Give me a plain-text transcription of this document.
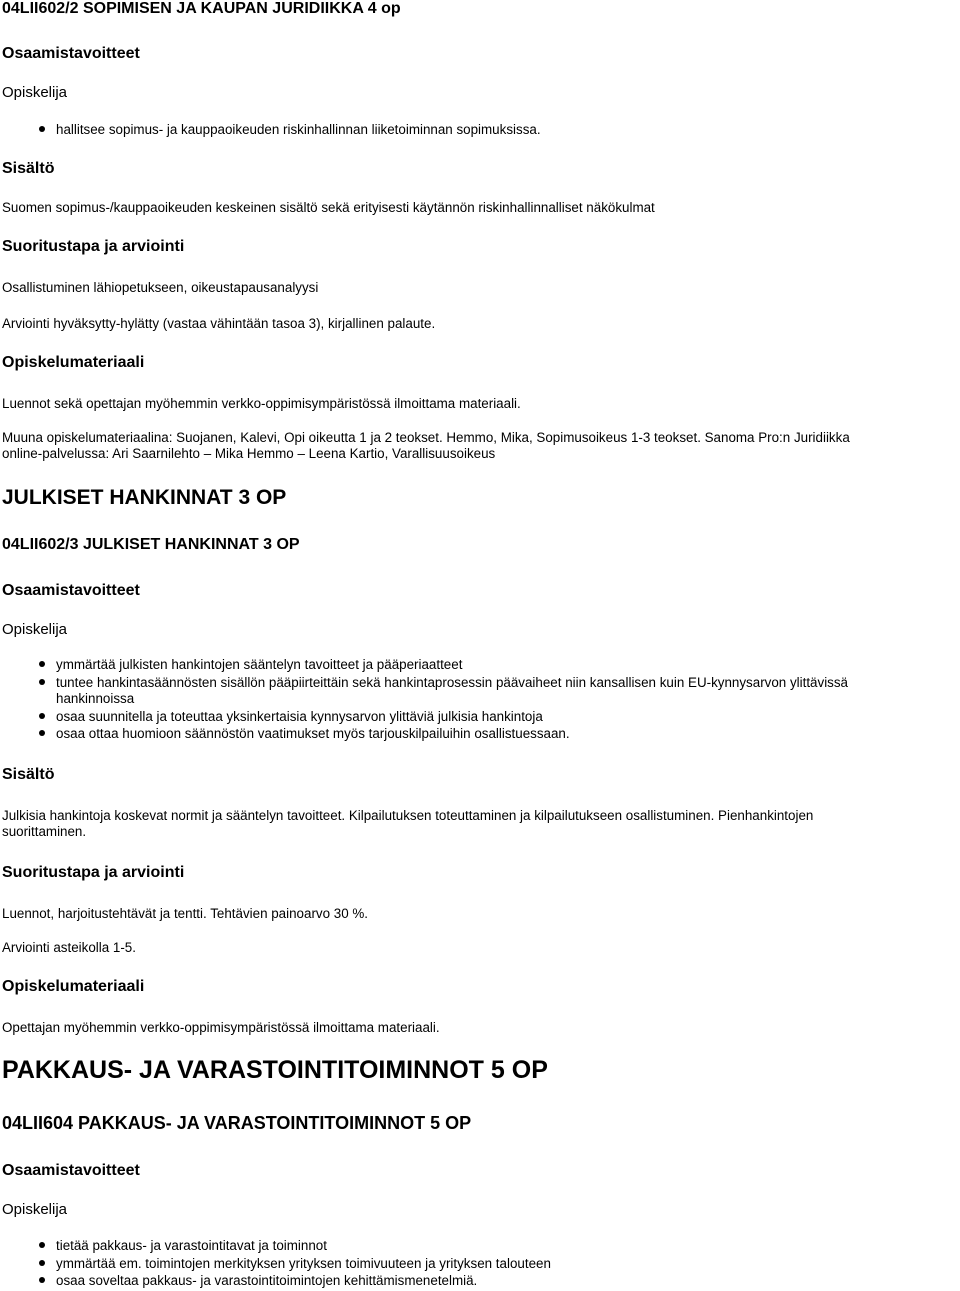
04LII602/2 SOPIMISEN JA KAUPAN JURIDIIKKA 4 op
Osaamistavoitteet
Opiskelija
hallitsee sopimus- ja kauppaoikeuden riskinhallinnan liiketoiminnan sopimuksissa.
Sisältö
Suomen sopimus-/kauppaoikeuden keskeinen sisältö sekä erityisesti käytännön riskinhallinnalliset näkökulmat
Suoritustapa ja arviointi
Osallistuminen lähiopetukseen, oikeustapausanalyysi
Arviointi hyväksytty-hylätty (vastaa vähintään tasoa 3), kirjallinen palaute.
Opiskelumateriaali
Luennot sekä opettajan myöhemmin verkko-oppimisympäristössä ilmoittama materiaali.
Muuna opiskelumateriaalina: Suojanen, Kalevi, Opi oikeutta 1 ja 2 teokset. Hemmo, Mika, Sopimusoikeus 1-3 teokset. Sanoma Pro:n Juridiikka
online-palvelussa: Ari Saarnilehto – Mika Hemmo – Leena Kartio, Varallisuusoikeus
JULKISET HANKINNAT 3 OP
04LII602/3 JULKISET HANKINNAT 3 OP
Osaamistavoitteet
Opiskelija
ymmärtää julkisten hankintojen sääntelyn tavoitteet ja pääperiaatteet
tuntee hankintasäännösten sisällön pääpiirteittäin sekä hankintaprosessin päävaiheet niin kansallisen kuin EU-kynnysarvon ylittävissä
hankinnoissa
osaa suunnitella ja toteuttaa yksinkertaisia kynnysarvon ylittäviä julkisia hankintoja
osaa ottaa huomioon säännöstön vaatimukset myös tarjouskilpailuihin osallistuessaan.
Sisältö
Julkisia hankintoja koskevat normit ja sääntelyn tavoitteet. Kilpailutuksen toteuttaminen ja kilpailutukseen osallistuminen. Pienhankintojen
suorittaminen.
Suoritustapa ja arviointi
Luennot, harjoitustehtävät ja tentti. Tehtävien painoarvo 30 %.
Arviointi asteikolla 1-5.
Opiskelumateriaali
Opettajan myöhemmin verkko-oppimisympäristössä ilmoittama materiaali.
PAKKAUS- JA VARASTOINTITOIMINNOT 5 OP
04LII604 PAKKAUS- JA VARASTOINTITOIMINNOT 5 OP
Osaamistavoitteet
Opiskelija
tietää pakkaus- ja varastointitavat ja toiminnot
ymmärtää em. toimintojen merkityksen yrityksen toimivuuteen ja yrityksen talouteen
osaa soveltaa pakkaus- ja varastointitoimintojen kehittämismenetelmiä.
